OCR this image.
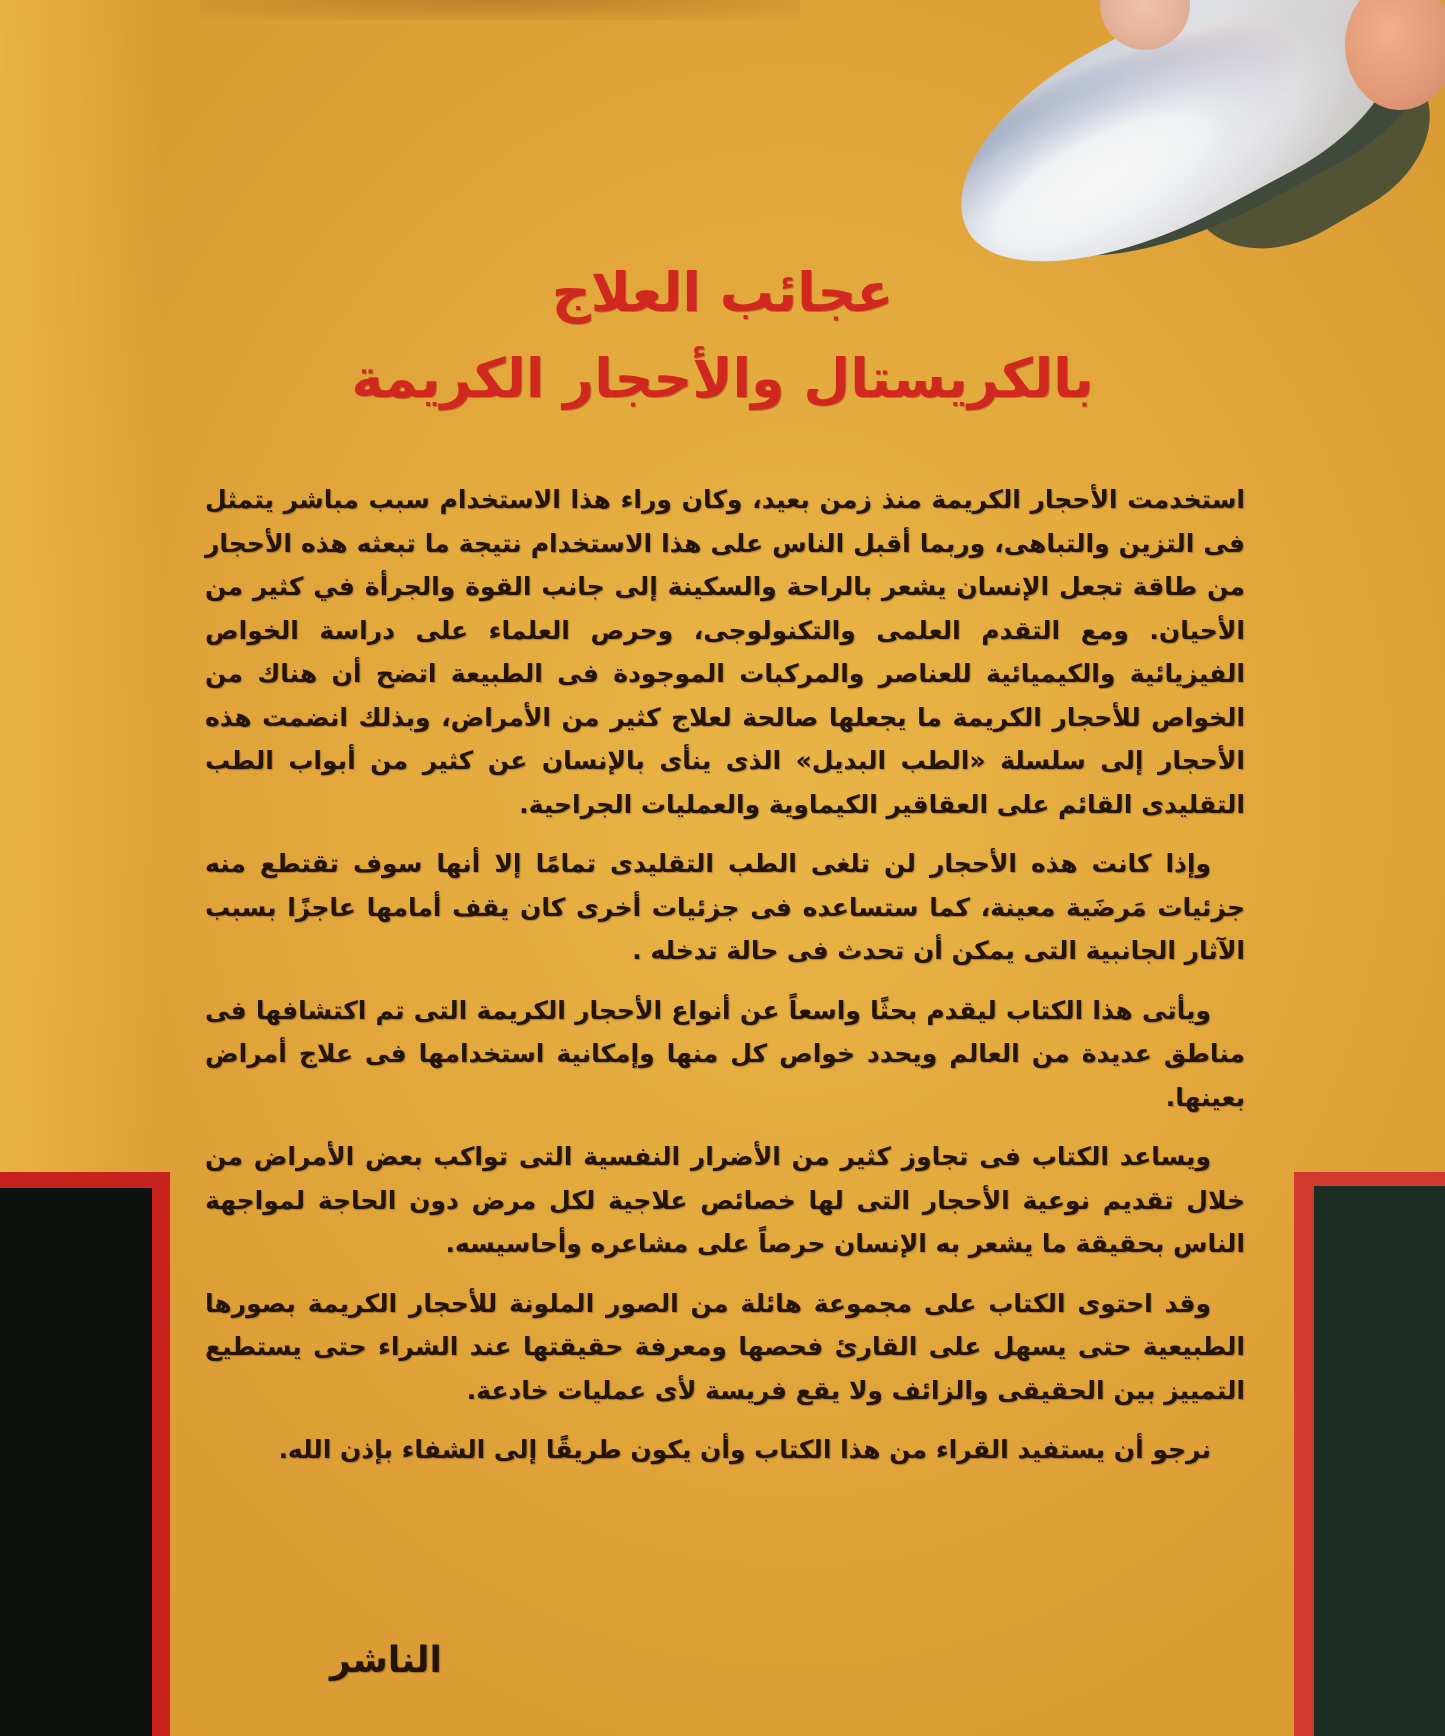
عجائب العلاج
بالكريستال والأحجار الكريمة

استخدمت الأحجار الكريمة منذ زمن بعيد، وكان وراء هذا الاستخدام سبب مباشر يتمثل فى التزين والتباهى، وربما أقبل الناس على هذا الاستخدام نتيجة ما تبعثه هذه الأحجار من طاقة تجعل الإنسان يشعر بالراحة والسكينة إلى جانب القوة والجرأة في كثير من الأحيان. ومع التقدم العلمى والتكنولوجى، وحرص العلماء على دراسة الخواص الفيزيائية والكيميائية للعناصر والمركبات الموجودة فى الطبيعة اتضح أن هناك من الخواص للأحجار الكريمة ما يجعلها صالحة لعلاج كثير من الأمراض، وبذلك انضمت هذه الأحجار إلى سلسلة «الطب البديل» الذى ينأى بالإنسان عن كثير من أبواب الطب التقليدى القائم على العقاقير الكيماوية والعمليات الجراحية.

وإذا كانت هذه الأحجار لن تلغى الطب التقليدى تمامًا إلا أنها سوف تقتطع منه جزئيات مَرضَية معينة، كما ستساعده فى جزئيات أخرى كان يقف أمامها عاجزًا بسبب الآثار الجانبية التى يمكن أن تحدث فى حالة تدخله .

ويأتى هذا الكتاب ليقدم بحثًا واسعاً عن أنواع الأحجار الكريمة التى تم اكتشافها فى مناطق عديدة من العالم ويحدد خواص كل منها وإمكانية استخدامها فى علاج أمراض بعينها.

ويساعد الكتاب فى تجاوز كثير من الأضرار النفسية التى تواكب بعض الأمراض من خلال تقديم نوعية الأحجار التى لها خصائص علاجية لكل مرض دون الحاجة لمواجهة الناس بحقيقة ما يشعر به الإنسان حرصاً على مشاعره وأحاسيسه.

وقد احتوى الكتاب على مجموعة هائلة من الصور الملونة للأحجار الكريمة بصورها الطبيعية حتى يسهل على القارئ فحصها ومعرفة حقيقتها عند الشراء حتى يستطيع التمييز بين الحقيقى والزائف ولا يقع فريسة لأى عمليات خادعة.

نرجو أن يستفيد القراء من هذا الكتاب وأن يكون طريقًا إلى الشفاء بإذن الله.

الناشر
